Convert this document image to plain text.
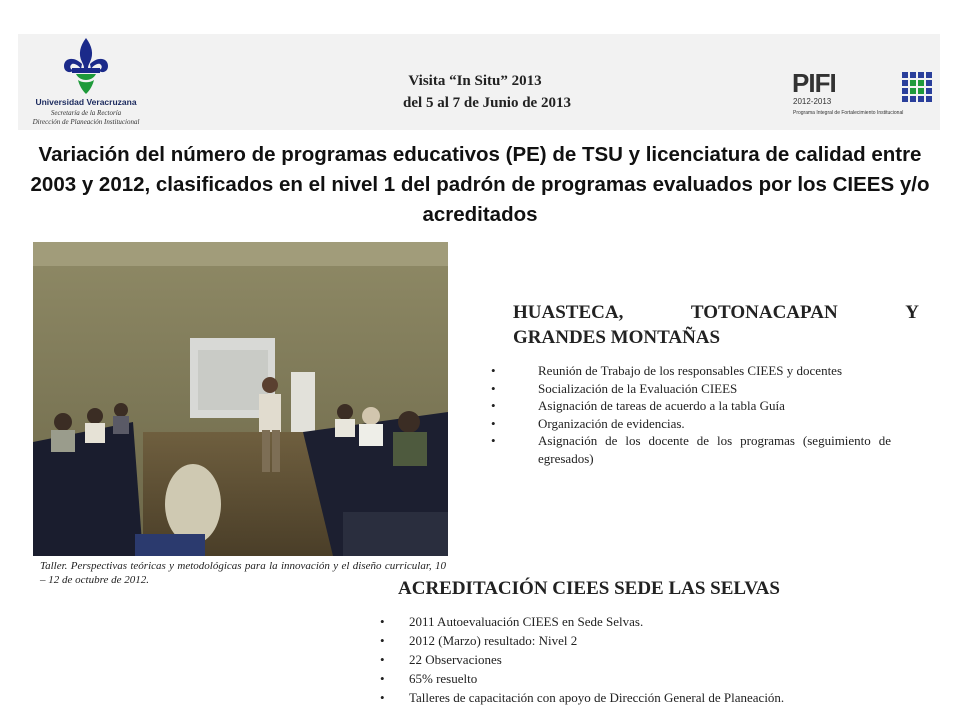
Universidad Veracruzana
Secretaría de la Rectoría
Dirección de Planeación Institucional
Visita “In Situ” 2013
del 5 al 7 de Junio de 2013
PIFI
2012-2013
Programa Integral de Fortalecimiento Institucional
Variación del número de programas educativos (PE) de TSU y licenciatura de calidad entre 2003 y 2012, clasificados en el nivel 1 del padrón de programas evaluados por los CIEES y/o acreditados
Taller. Perspectivas teóricas y metodológicas para la innovación y el diseño curricular, 10 – 12 de octubre de 2012.
HUASTECA,	TOTONACAPAN	Y
GRANDES MONTAÑAS
• Reunión de Trabajo de los responsables CIEES y docentes
• Socialización de la Evaluación CIEES
• Asignación de tareas de acuerdo a la tabla Guía
• Organización de evidencias.
• Asignación de los docente de los programas (seguimiento de egresados)
ACREDITACIÓN CIEES SEDE LAS SELVAS
• 2011 Autoevaluación CIEES en Sede Selvas.
• 2012 (Marzo) resultado: Nivel 2
• 22 Observaciones
• 65% resuelto
• Talleres de capacitación con apoyo de Dirección General de Planeación.
